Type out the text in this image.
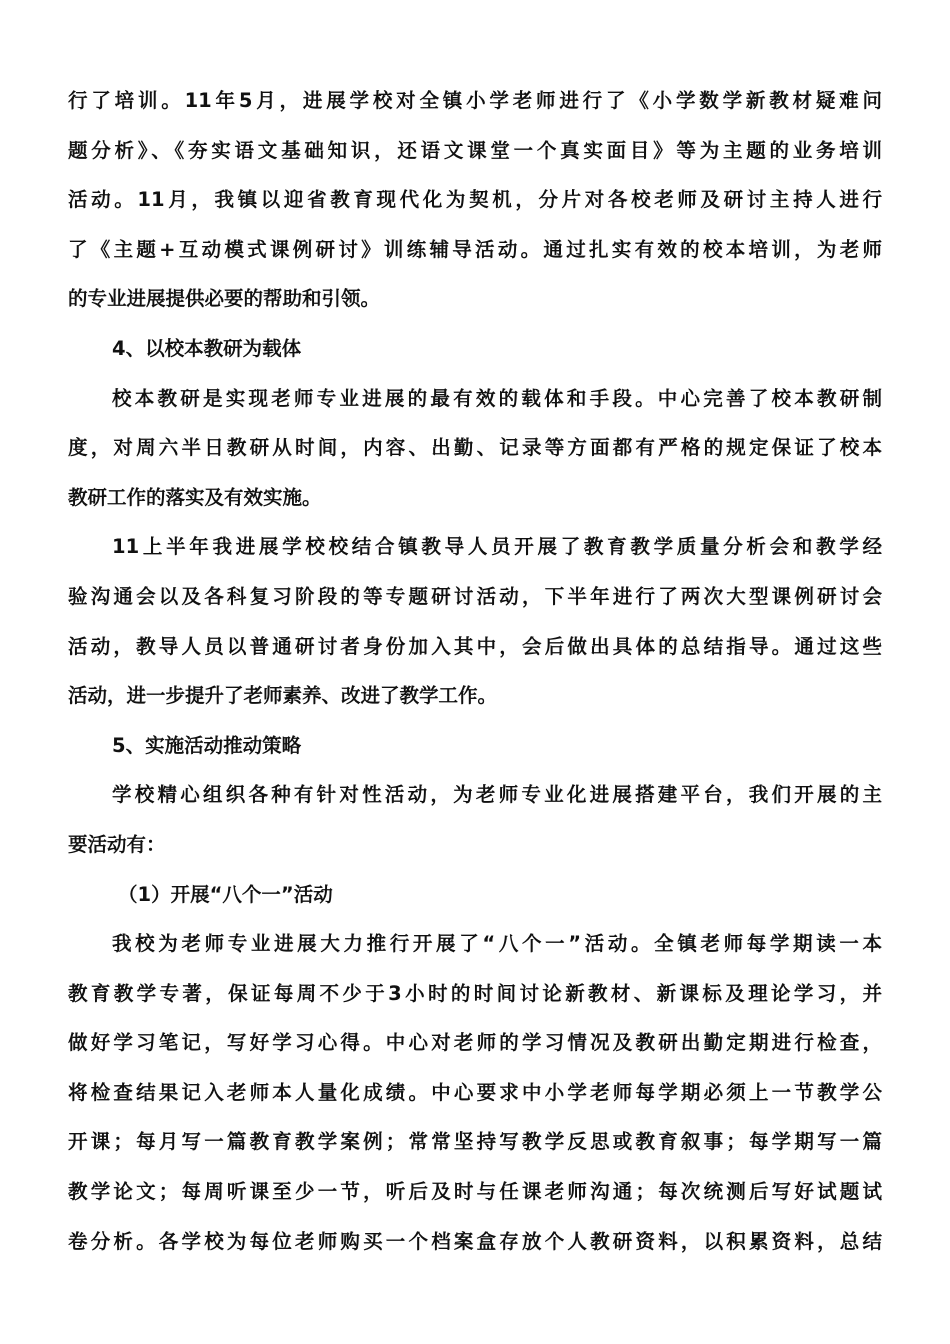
行了培训。11年5月，进展学校对全镇小学老师进行了《小学数学新教材疑难问
题分析》、《夯实语文基础知识，还语文课堂一个真实面目》等为主题的业务培训
活动。11月，我镇以迎省教育现代化为契机，分片对各校老师及研讨主持人进行
了《主题+互动模式课例研讨》训练辅导活动。通过扎实有效的校本培训，为老师
的专业进展提供必要的帮助和引领。
4、以校本教研为载体
校本教研是实现老师专业进展的最有效的载体和手段。中心完善了校本教研制
度，对周六半日教研从时间，内容、出勤、记录等方面都有严格的规定保证了校本
教研工作的落实及有效实施。
11上半年我进展学校校结合镇教导人员开展了教育教学质量分析会和教学经
验沟通会以及各科复习阶段的等专题研讨活动，下半年进行了两次大型课例研讨会
活动，教导人员以普通研讨者身份加入其中，会后做出具体的总结指导。通过这些
活动，进一步提升了老师素养、改进了教学工作。
5、实施活动推动策略
学校精心组织各种有针对性活动，为老师专业化进展搭建平台，我们开展的主
要活动有：
（1）开展“八个一”活动
我校为老师专业进展大力推行开展了“八个一”活动。全镇老师每学期读一本
教育教学专著，保证每周不少于3小时的时间讨论新教材、新课标及理论学习，并
做好学习笔记，写好学习心得。中心对老师的学习情况及教研出勤定期进行检查，
将检查结果记入老师本人量化成绩。中心要求中小学老师每学期必须上一节教学公
开课；每月写一篇教育教学案例；常常坚持写教学反思或教育叙事；每学期写一篇
教学论文；每周听课至少一节，听后及时与任课老师沟通；每次统测后写好试题试
卷分析。各学校为每位老师购买一个档案盒存放个人教研资料，以积累资料，总结
